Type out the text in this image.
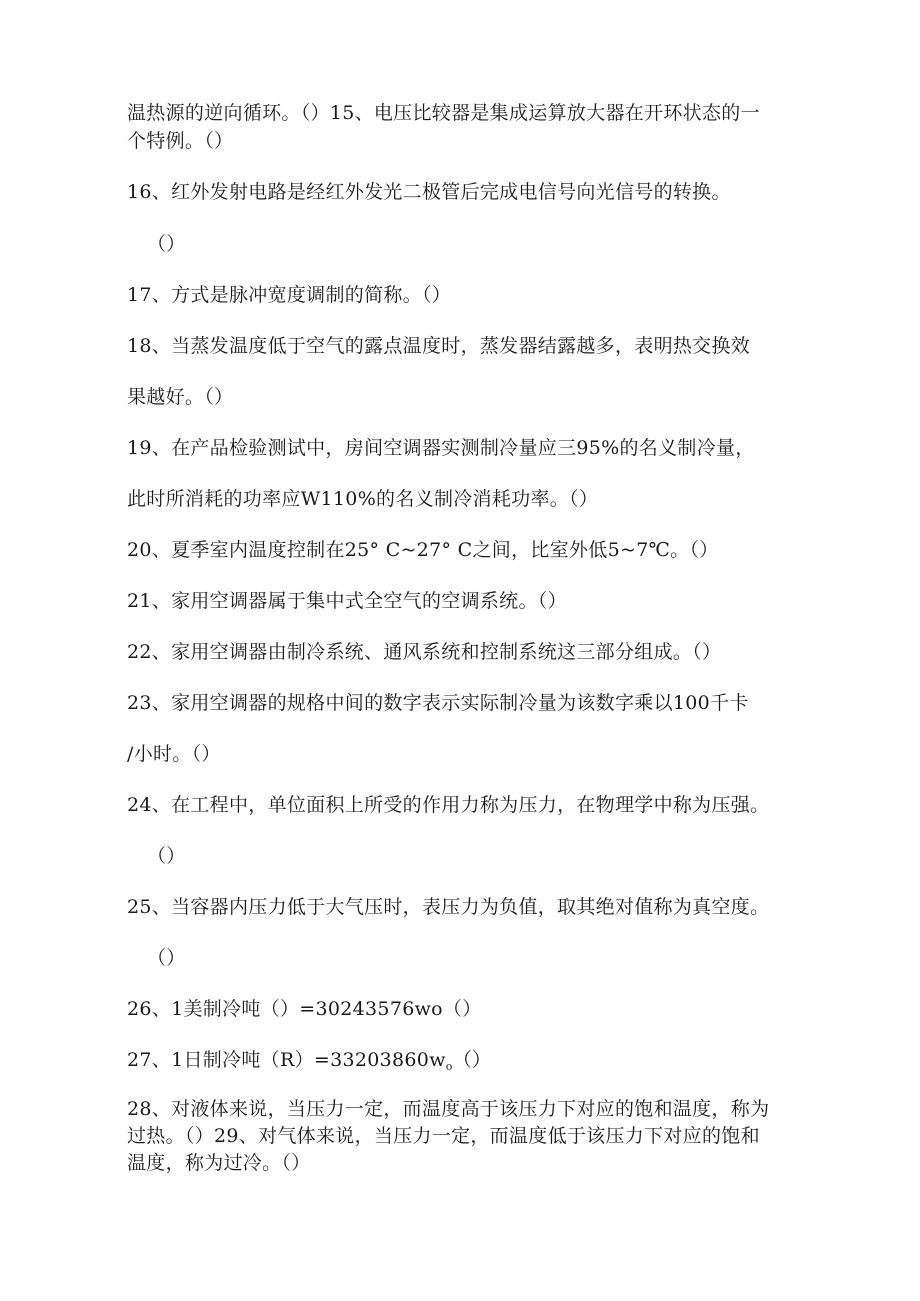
温热源的逆向循环。（）15、电压比较器是集成运算放大器在开环状态的一
个特例。（）
16、红外发射电路是经红外发光二极管后完成电信号向光信号的转换。
（）
17、方式是脉冲宽度调制的简称。（）
18、当蒸发温度低于空气的露点温度时，蒸发器结露越多，表明热交换效
果越好。（）
19、在产品检验测试中，房间空调器实测制冷量应三95%的名义制冷量，
此时所消耗的功率应W110%的名义制冷消耗功率。（）
20、夏季室内温度控制在25° C~27° C之间，比室外低5~7℃。（）
21、家用空调器属于集中式全空气的空调系统。（）
22、家用空调器由制冷系统、通风系统和控制系统这三部分组成。（）
23、家用空调器的规格中间的数字表示实际制冷量为该数字乘以100千卡
/小时。（）
24、在工程中，单位面积上所受的作用力称为压力，在物理学中称为压强。
（）
25、当容器内压力低于大气压时，表压力为负值，取其绝对值称为真空度。
（）
26、1美制冷吨（）=30243576wo（）
27、1日制冷吨$(R)=33203860w_o()$
28、对液体来说，当压力一定，而温度高于该压力下对应的饱和温度，称为
过热。（）29、对气体来说，当压力一定，而温度低于该压力下对应的饱和
温度，称为过冷。（）
